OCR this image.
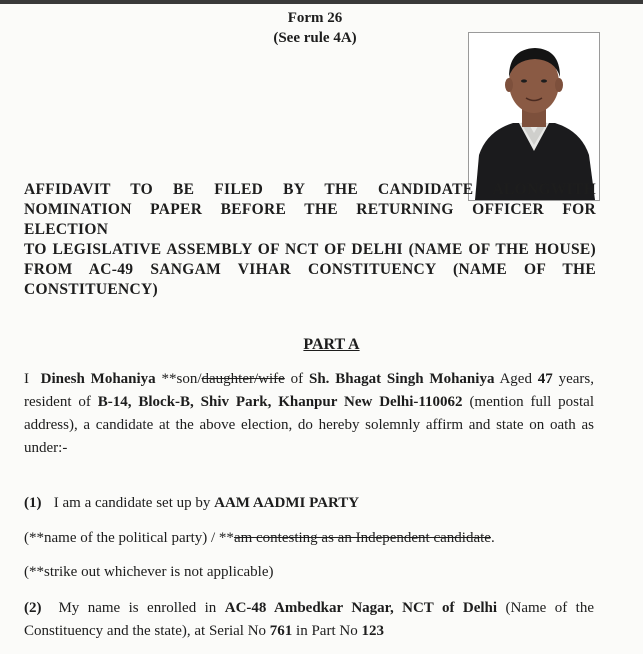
Form 26
(See rule 4A)
AFFIDAVIT TO BE FILED BY THE CANDIDATE ALONGWITH
NOMINATION PAPER BEFORE THE RETURNING OFFICER FOR ELECTION
TO LEGISLATIVE ASSEMBLY OF NCT OF DELHI (NAME OF THE HOUSE)
FROM AC-49 SANGAM VIHAR CONSTITUENCY (NAME OF THE
CONSTITUENCY)
PART A
I Dinesh Mohaniya **son/daughter/wife of Sh. Bhagat Singh Mohaniya Aged 47 years, resident of B-14, Block-B, Shiv Park, Khanpur New Delhi-110062 (mention full postal address), a candidate at the above election, do hereby solemnly affirm and state on oath as under:-
(1) I am a candidate set up by AAM AADMI PARTY
(**name of the political party) / **am contesting as an Independent candidate.
(**strike out whichever is not applicable)
(2) My name is enrolled in AC-48 Ambedkar Nagar, NCT of Delhi (Name of the Constituency and the state), at Serial No 761 in Part No 123
